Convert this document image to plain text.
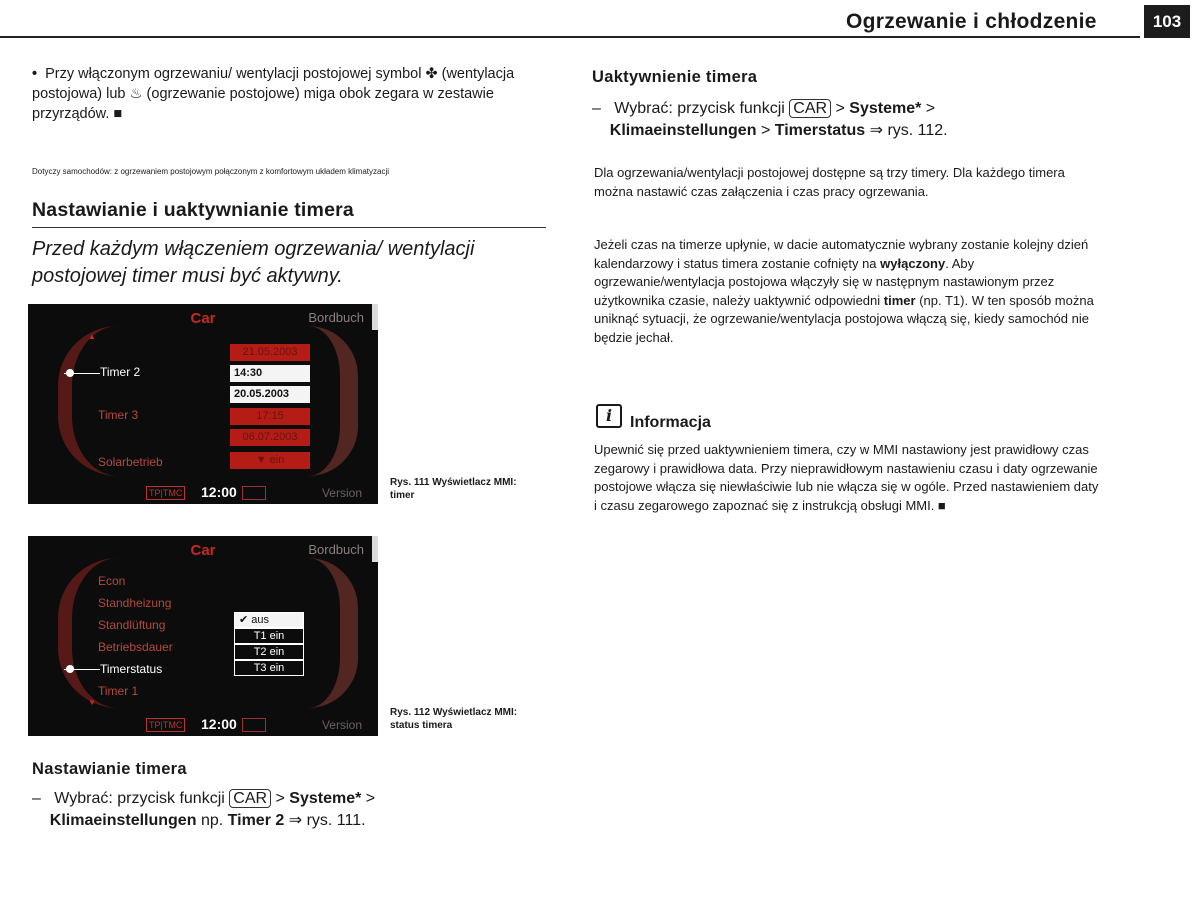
Ogrzewanie i chłodzenie	103
• Przy włączonym ogrzewaniu/ wentylacji postojowej symbol ✤ (wentylacja postojowa) lub ♨ (ogrzewanie postojowe) miga obok zegara w zestawie przyrządów. ■
Dotyczy samochodów: z ogrzewaniem postojowym połączonym z komfortowym układem klimatyzacji
Nastawianie i uaktywnianie timera
Przed każdym włączeniem ogrzewania/ wentylacji postojowej timer musi być aktywny.
Car	Bordbuch
▲
Timer 2
Timer 3
Solarbetrieb
21.05.2003
14:30
20.05.2003
17:15
06.07.2003
▼ ein
TP|TMC 12:00	Version
Rys. 111 Wyświetlacz MMI: timer
Car	Bordbuch
Econ
Standheizung
Standlüftung
Betriebsdauer
Timerstatus
Timer 1
▼
✔ aus
T1 ein
T2 ein
T3 ein
TP|TMC 12:00	Version
Rys. 112 Wyświetlacz MMI: status timera
Nastawianie timera
– Wybrać: przycisk funkcji CAR > Systeme* >
Klimaeinstellungen np. Timer 2 ⇒ rys. 111.
Uaktywnienie timera
– Wybrać: przycisk funkcji CAR > Systeme* >
Klimaeinstellungen > Timerstatus ⇒ rys. 112.
Dla ogrzewania/wentylacji postojowej dostępne są trzy timery. Dla każdego timera można nastawić czas załączenia i czas pracy ogrzewania.
Jeżeli czas na timerze upłynie, w dacie automatycznie wybrany zostanie kolejny dzień kalendarzowy i status timera zostanie cofnięty na wyłączony. Aby ogrzewanie/wentylacja postojowa włączyły się w następnym nastawionym przez użytkownika czasie, należy uaktywnić odpowiedni timer (np. T1). W ten sposób można uniknąć sytuacji, że ogrzewanie/wentylacja postojowa włączą się, kiedy samochód nie będzie jechał.
i	Informacja
Upewnić się przed uaktywnieniem timera, czy w MMI nastawiony jest prawidłowy czas zegarowy i prawidłowa data. Przy nieprawidłowym nastawieniu czasu i daty ogrzewanie postojowe włącza się niewłaściwie lub nie włącza się w ogóle. Przed nastawieniem daty i czasu zegarowego zapoznać się z instrukcją obsługi MMI. ■
